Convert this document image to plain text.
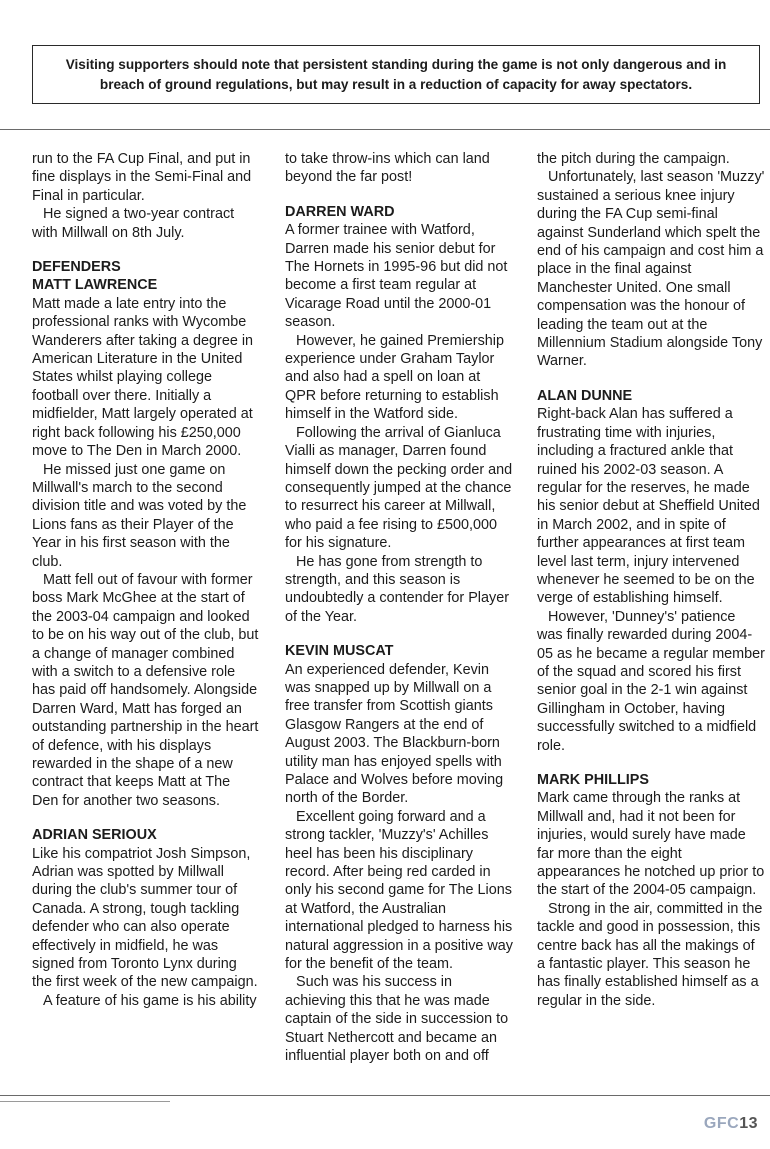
Visiting supporters should note that persistent standing during the game is not only dangerous and in breach of ground regulations, but may result in a reduction of capacity for away spectators.

run to the FA Cup Final, and put in fine displays in the Semi-Final and Final in particular.

He signed a two-year contract with Millwall on 8th July.

DEFENDERS
MATT LAWRENCE

Matt made a late entry into the professional ranks with Wycombe Wanderers after taking a degree in American Literature in the United States whilst playing college football over there. Initially a midfielder, Matt largely operated at right back following his £250,000 move to The Den in March 2000.

He missed just one game on Millwall's march to the second division title and was voted by the Lions fans as their Player of the Year in his first season with the club.

Matt fell out of favour with former boss Mark McGhee at the start of the 2003-04 campaign and looked to be on his way out of the club, but a change of manager combined with a switch to a defensive role has paid off handsomely. Alongside Darren Ward, Matt has forged an outstanding partnership in the heart of defence, with his displays rewarded in the shape of a new contract that keeps Matt at The Den for another two seasons.

ADRIAN SERIOUX

Like his compatriot Josh Simpson, Adrian was spotted by Millwall during the club's summer tour of Canada. A strong, tough tackling defender who can also operate effectively in midfield, he was signed from Toronto Lynx during the first week of the new campaign.

A feature of his game is his ability

to take throw-ins which can land beyond the far post!

DARREN WARD

A former trainee with Watford, Darren made his senior debut for The Hornets in 1995-96 but did not become a first team regular at Vicarage Road until the 2000-01 season.

However, he gained Premiership experience under Graham Taylor and also had a spell on loan at QPR before returning to establish himself in the Watford side.

Following the arrival of Gianluca Vialli as manager, Darren found himself down the pecking order and consequently jumped at the chance to resurrect his career at Millwall, who paid a fee rising to £500,000 for his signature.

He has gone from strength to strength, and this season is undoubtedly a contender for Player of the Year.

KEVIN MUSCAT

An experienced defender, Kevin was snapped up by Millwall on a free transfer from Scottish giants Glasgow Rangers at the end of August 2003. The Blackburn-born utility man has enjoyed spells with Palace and Wolves before moving north of the Border.

Excellent going forward and a strong tackler, 'Muzzy's' Achilles heel has been his disciplinary record. After being red carded in only his second game for The Lions at Watford, the Australian international pledged to harness his natural aggression in a positive way for the benefit of the team.

Such was his success in achieving this that he was made captain of the side in succession to Stuart Nethercott and became an influential player both on and off

the pitch during the campaign.

Unfortunately, last season 'Muzzy' sustained a serious knee injury during the FA Cup semi-final against Sunderland which spelt the end of his campaign and cost him a place in the final against Manchester United. One small compensation was the honour of leading the team out at the Millennium Stadium alongside Tony Warner.

ALAN DUNNE

Right-back Alan has suffered a frustrating time with injuries, including a fractured ankle that ruined his 2002-03 season. A regular for the reserves, he made his senior debut at Sheffield United in March 2002, and in spite of further appearances at first team level last term, injury intervened whenever he seemed to be on the verge of establishing himself.

However, 'Dunney's' patience was finally rewarded during 2004-05 as he became a regular member of the squad and scored his first senior goal in the 2-1 win against Gillingham in October, having successfully switched to a midfield role.

MARK PHILLIPS

Mark came through the ranks at Millwall and, had it not been for injuries, would surely have made far more than the eight appearances he notched up prior to the start of the 2004-05 campaign.

Strong in the air, committed in the tackle and good in possession, this centre back has all the makings of a fantastic player. This season he has finally established himself as a regular in the side.

GFC13
